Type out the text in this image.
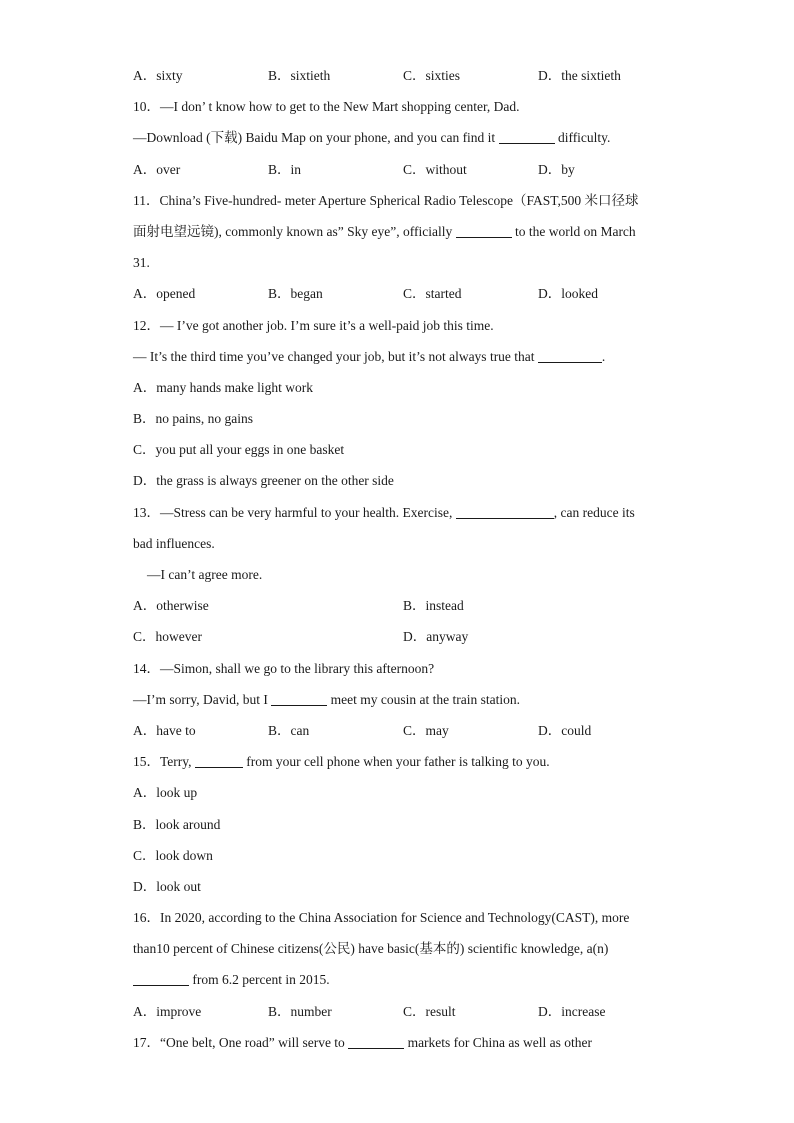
A．sixty	B．sixtieth	C．sixties	D．the sixtieth
10．—I don’ t know how to get to the New Mart shopping center, Dad.
—Download (下载) Baidu Map on your phone, and you can find it	difficulty.
A．over	B．in	C．without	D．by
11．China’s Five-hundred- meter Aperture Spherical Radio Telescope（FAST,500 米口径球
面射电望远镜), commonly known as” Sky eye”, officially	to the world on March
31.
A．opened	B．began	C．started	D．looked
12．— I’ve got another job. I’m sure it’s a well-paid job this time.
— It’s the third time you’ve changed your job, but it’s not always true that	.
A．many hands make light work
B．no pains, no gains
C．you put all your eggs in one basket
D．the grass is always greener on the other side
13．—Stress can be very harmful to your health. Exercise,	, can reduce its
bad influences.
—I can’t agree more.
A．otherwise	B．instead
C．however	D．anyway
14．—Simon, shall we go to the library this afternoon?
—I’m sorry, David, but I	meet my cousin at the train station.
A．have to	B．can	C．may	D．could
15．Terry,	from your cell phone when your father is talking to you.
A．look up
B．look around
C．look down
D．look out
16．In 2020, according to the China Association for Science and Technology(CAST), more
than10 percent of Chinese citizens(公民) have basic(基本的) scientific knowledge, a(n)
from 6.2 percent in 2015.
A．improve	B．number	C．result	D．increase
17．“One belt, One road” will serve to	markets for China as well as other
